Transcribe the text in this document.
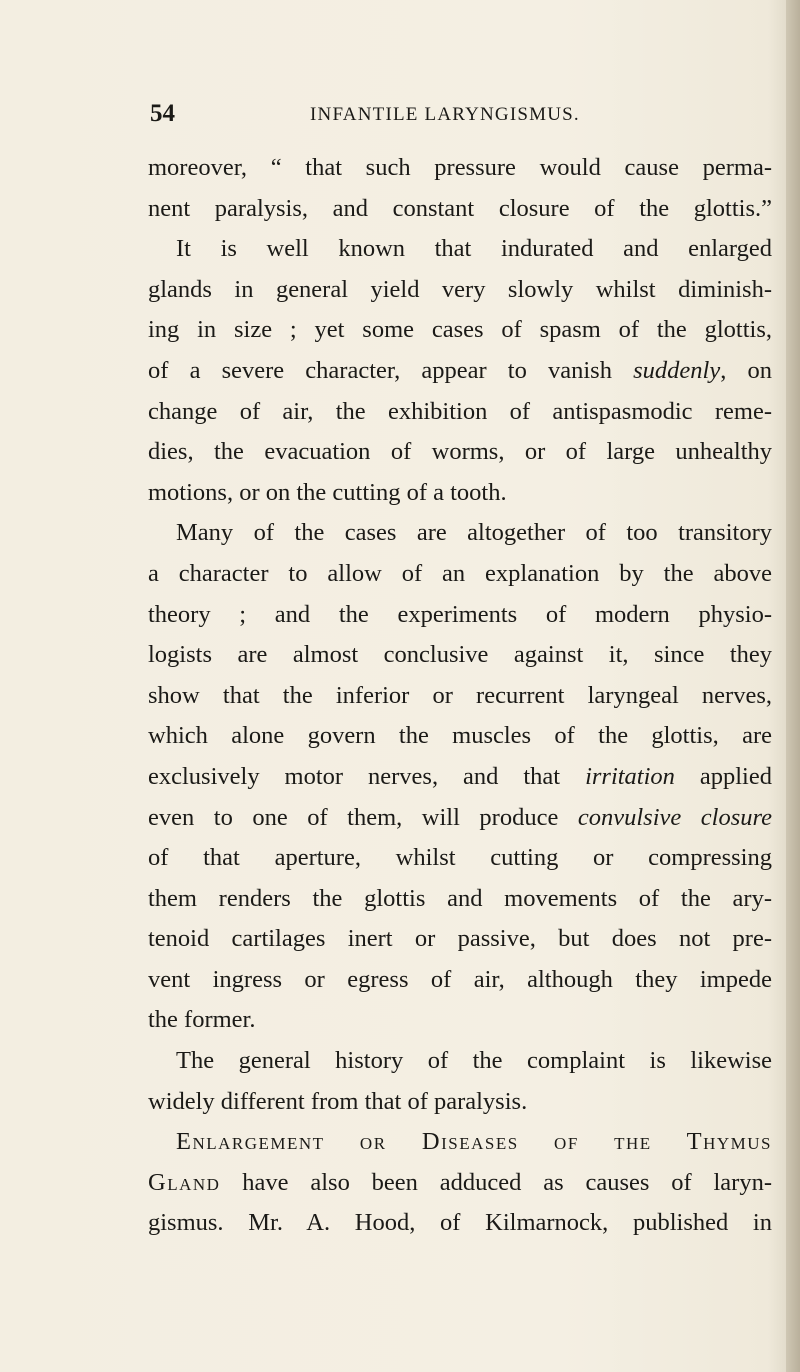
54	INFANTILE LARYNGISMUS.
moreover, “ that such pressure would cause perma-
nent paralysis, and constant closure of the glottis.”
It is well known that indurated and enlarged
glands in general yield very slowly whilst diminish-
ing in size ; yet some cases of spasm of the glottis,
of a severe character, appear to vanish suddenly, on
change of air, the exhibition of antispasmodic reme-
dies, the evacuation of worms, or of large unhealthy
motions, or on the cutting of a tooth.
Many of the cases are altogether of too transitory
a character to allow of an explanation by the above
theory ; and the experiments of modern physio-
logists are almost conclusive against it, since they
show that the inferior or recurrent laryngeal nerves,
which alone govern the muscles of the glottis, are
exclusively motor nerves, and that irritation applied
even to one of them, will produce convulsive closure
of that aperture, whilst cutting or compressing
them renders the glottis and movements of the ary-
tenoid cartilages inert or passive, but does not pre-
vent ingress or egress of air, although they impede
the former.
The general history of the complaint is likewise
widely different from that of paralysis.
Enlargement or Diseases of the Thymus
Gland have also been adduced as causes of laryn-
gismus. Mr. A. Hood, of Kilmarnock, published in
